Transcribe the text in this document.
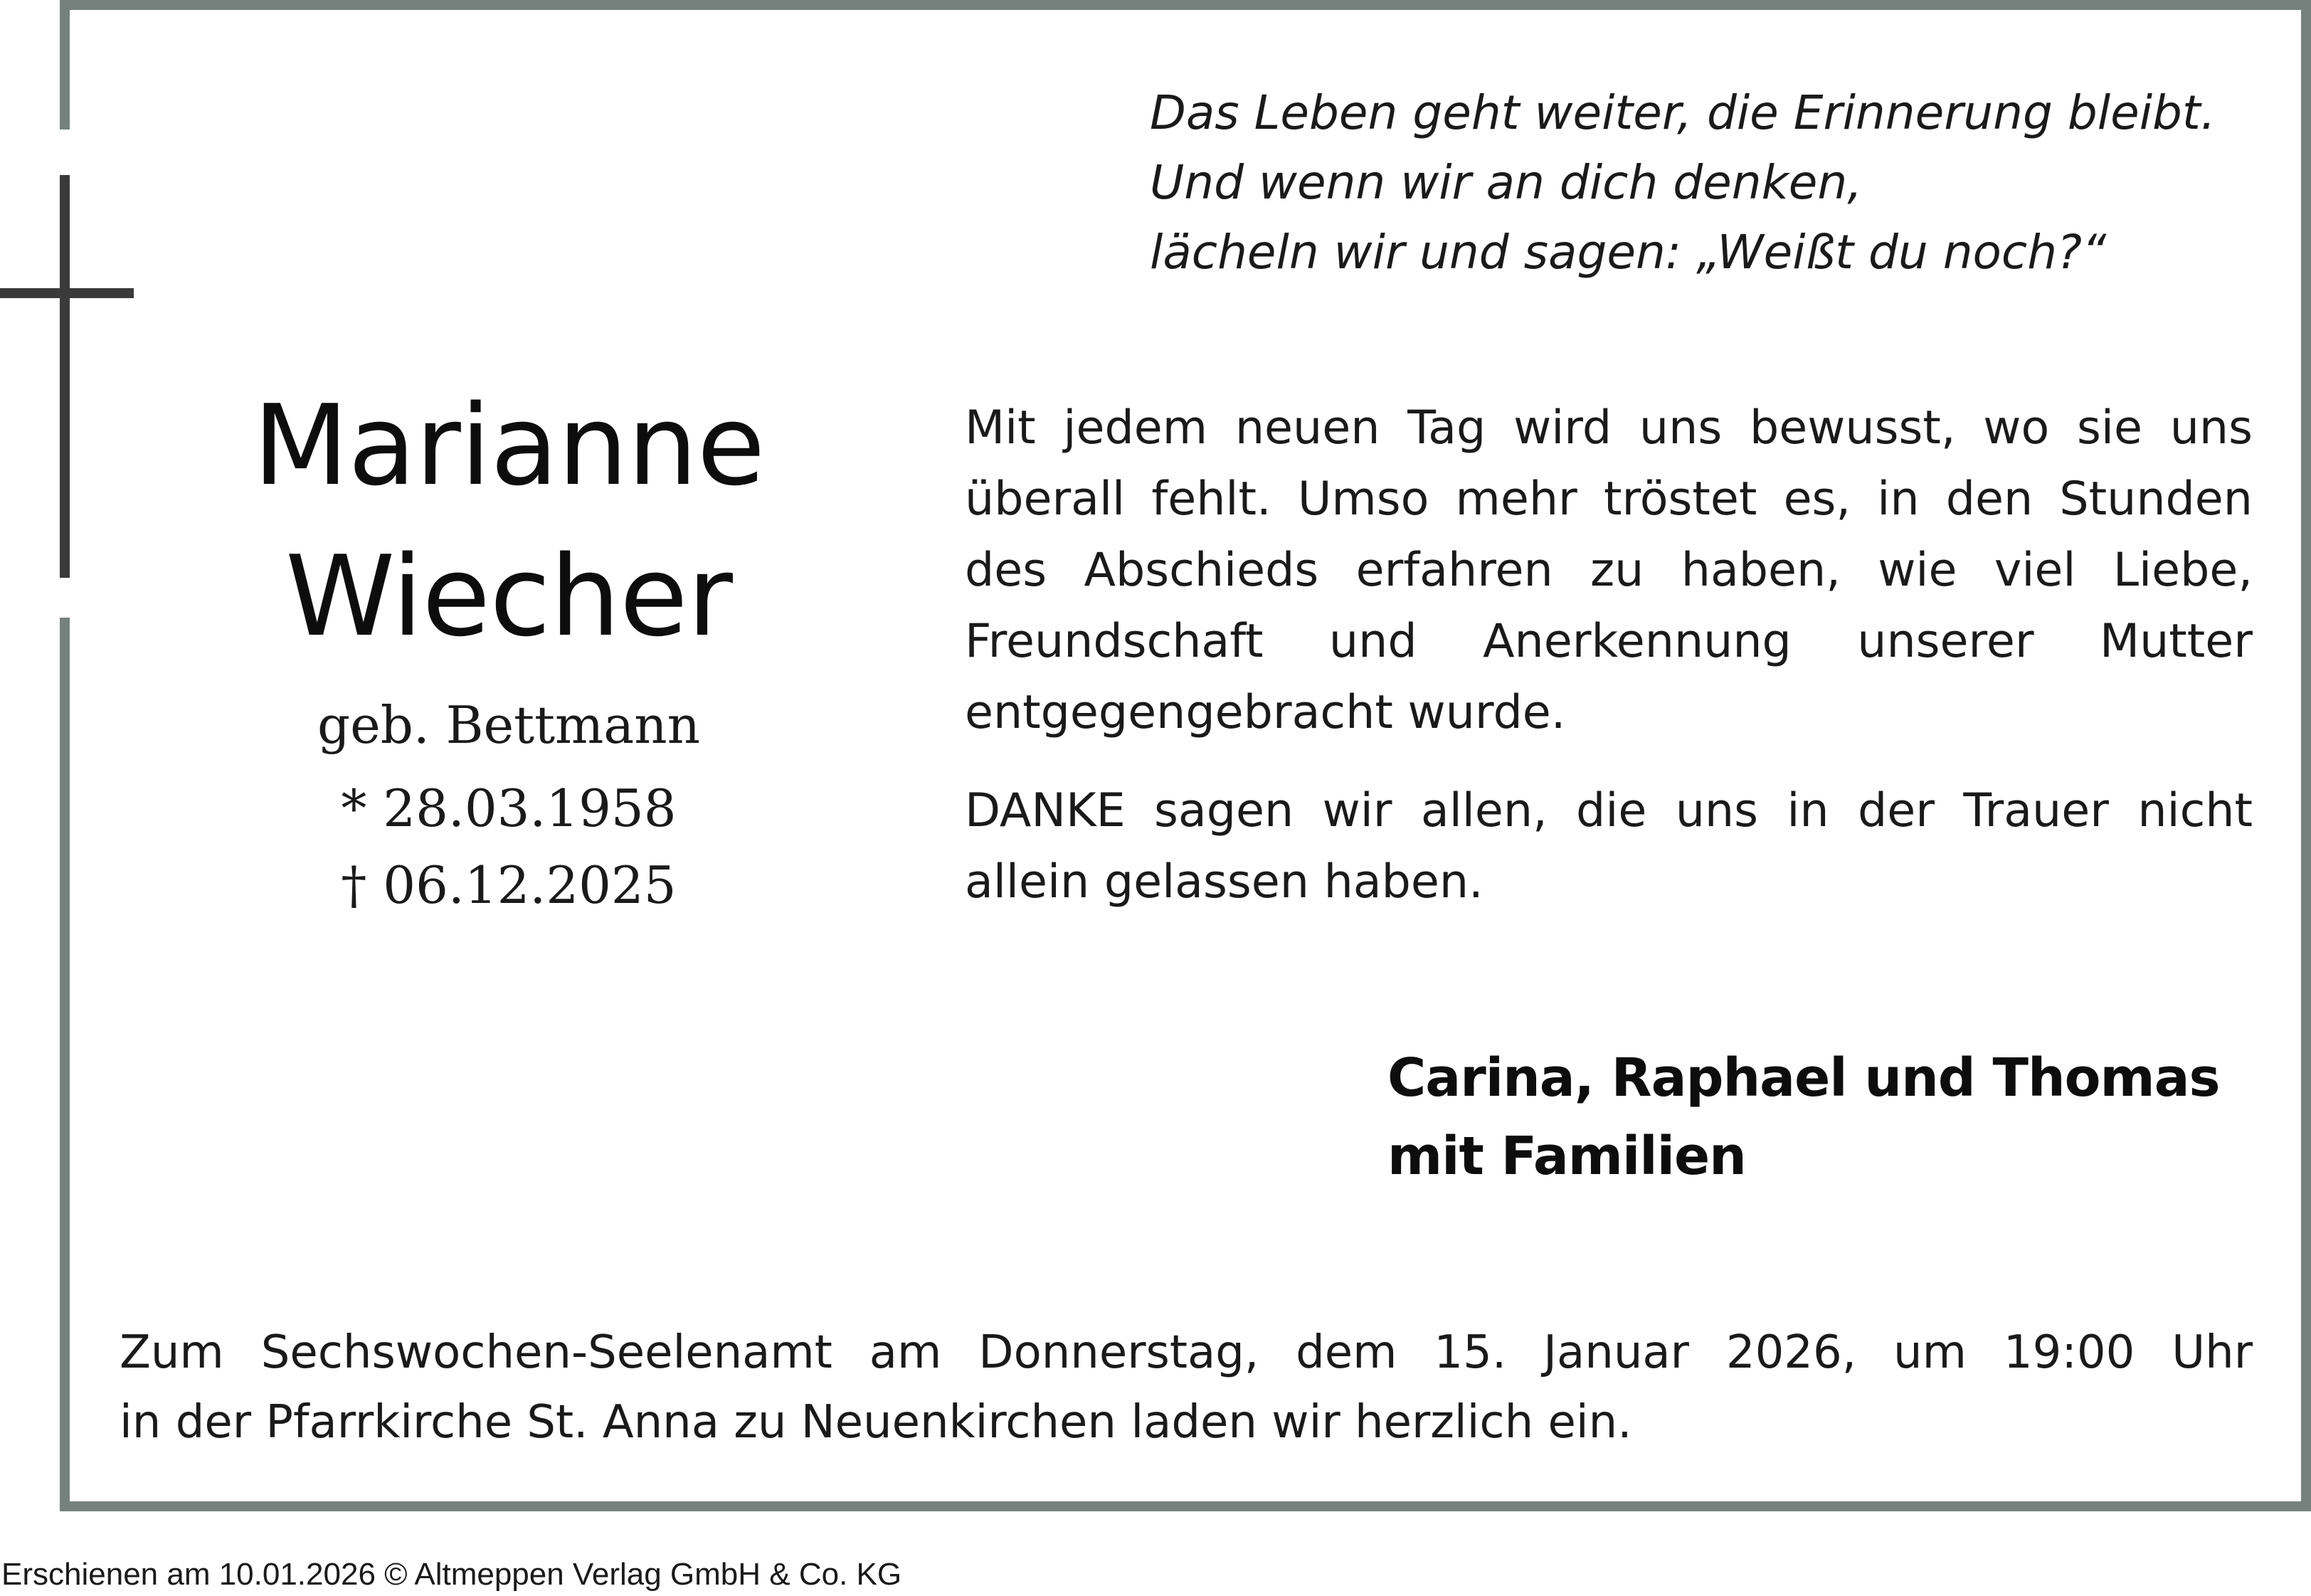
Das Leben geht weiter, die Erinnerung bleibt.
Und wenn wir an dich denken,
lächeln wir und sagen: „Weißt du noch?“
Marianne
Wiecher
geb. Bettmann
* 28.03.1958
† 06.12.2025

Mit jedem neuen Tag wird uns bewusst, wo sie uns überall fehlt. Umso mehr tröstet es, in den Stunden des Abschieds erfahren zu haben, wie viel Liebe, Freundschaft und Anerkennung unserer Mutter entgegengebracht wurde.

DANKE sagen wir allen, die uns in der Trauer nicht allein gelassen haben.

Carina, Raphael und Thomas
mit Familien
Zum Sechswochen-Seelenamt am Donnerstag, dem 15. Januar 2026, um 19:00 Uhr
in der Pfarrkirche St. Anna zu Neuenkirchen laden wir herzlich ein.
Erschienen am 10.01.2026 © Altmeppen Verlag GmbH & Co. KG
